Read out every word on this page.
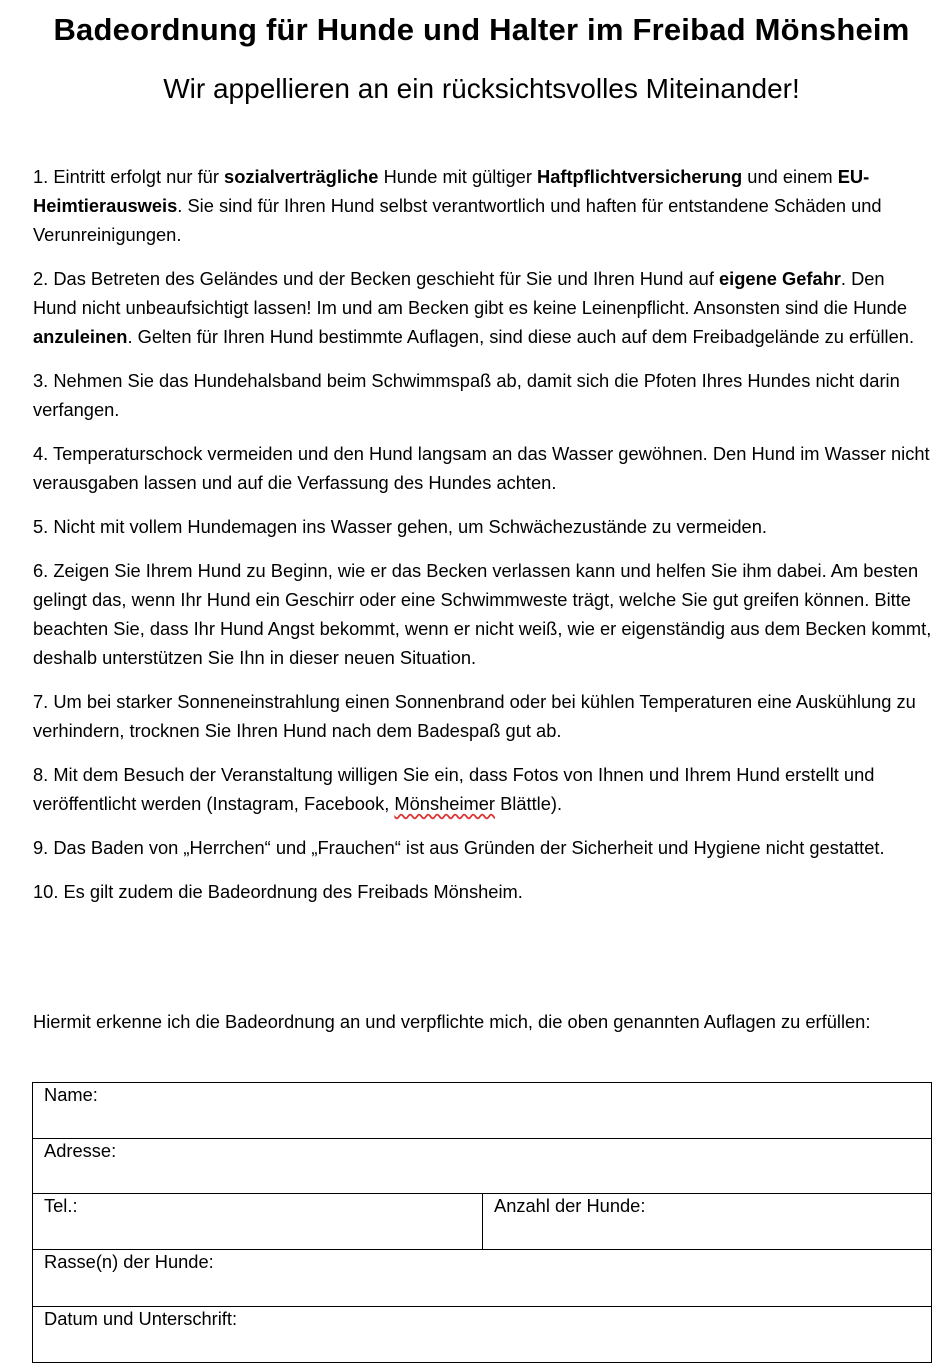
Badeordnung für Hunde und Halter im Freibad Mönsheim
Wir appellieren an ein rücksichtsvolles Miteinander!

1. Eintritt erfolgt nur für sozialverträgliche Hunde mit gültiger Haftpflichtversicherung und einem EU-Heimtierausweis. Sie sind für Ihren Hund selbst verantwortlich und haften für entstandene Schäden und Verunreinigungen.

2. Das Betreten des Geländes und der Becken geschieht für Sie und Ihren Hund auf eigene Gefahr. Den Hund nicht unbeaufsichtigt lassen! Im und am Becken gibt es keine Leinenpflicht. Ansonsten sind die Hunde anzuleinen. Gelten für Ihren Hund bestimmte Auflagen, sind diese auch auf dem Freibadgelände zu erfüllen.

3. Nehmen Sie das Hundehalsband beim Schwimmspaß ab, damit sich die Pfoten Ihres Hundes nicht darin verfangen.

4. Temperaturschock vermeiden und den Hund langsam an das Wasser gewöhnen. Den Hund im Wasser nicht verausgaben lassen und auf die Verfassung des Hundes achten.

5. Nicht mit vollem Hundemagen ins Wasser gehen, um Schwächezustände zu vermeiden.

6. Zeigen Sie Ihrem Hund zu Beginn, wie er das Becken verlassen kann und helfen Sie ihm dabei. Am besten gelingt das, wenn Ihr Hund ein Geschirr oder eine Schwimmweste trägt, welche Sie gut greifen können. Bitte beachten Sie, dass Ihr Hund Angst bekommt, wenn er nicht weiß, wie er eigenständig aus dem Becken kommt, deshalb unterstützen Sie Ihn in dieser neuen Situation.

7. Um bei starker Sonneneinstrahlung einen Sonnenbrand oder bei kühlen Temperaturen eine Auskühlung zu verhindern, trocknen Sie Ihren Hund nach dem Badespaß gut ab.

8. Mit dem Besuch der Veranstaltung willigen Sie ein, dass Fotos von Ihnen und Ihrem Hund erstellt und veröffentlicht werden (Instagram, Facebook, Mönsheimer Blättle).

9. Das Baden von „Herrchen“ und „Frauchen“ ist aus Gründen der Sicherheit und Hygiene nicht gestattet.

10. Es gilt zudem die Badeordnung des Freibads Mönsheim.

Hiermit erkenne ich die Badeordnung an und verpflichte mich, die oben genannten Auflagen zu erfüllen:
Name:
Adresse:
Tel.:	Anzahl der Hunde:
Rasse(n) der Hunde:
Datum und Unterschrift:
